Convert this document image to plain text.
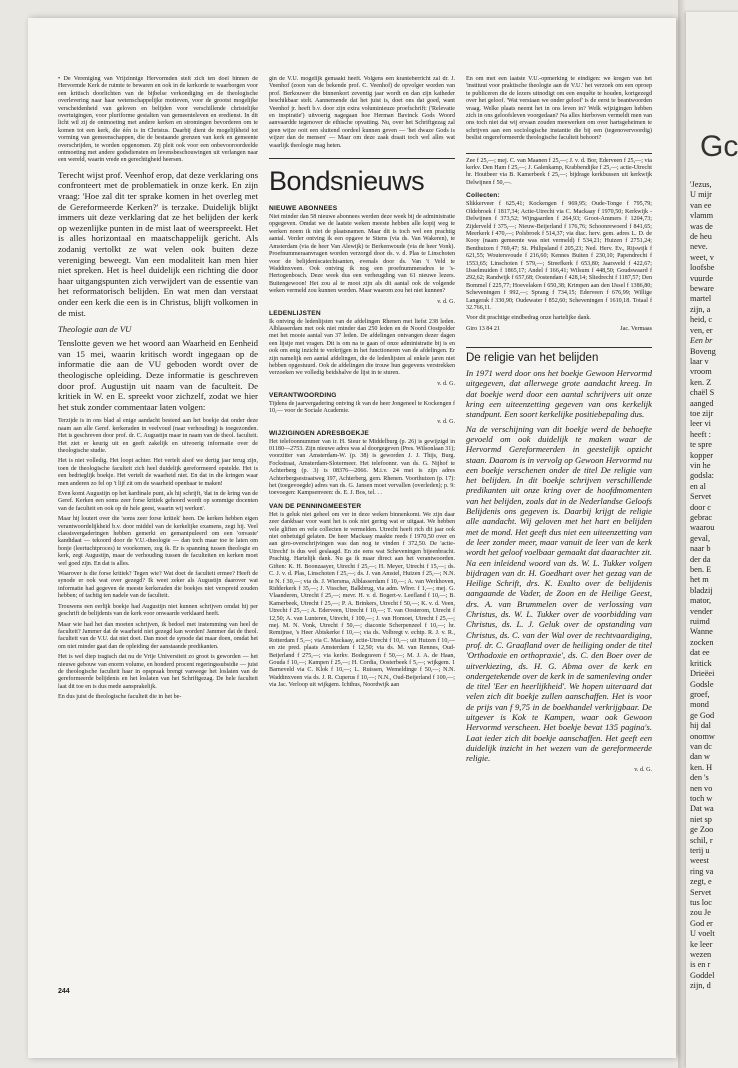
• De Vereniging van Vrijzinnige Hervormden stelt zich ten doel binnen de Hervormde Kerk de ruimte te bewaren en ook in de kerkorde te waarborgen voor een kritisch doorlichten van de bijbelse verkondiging en de theologische overlevering naar haar wetenschappelijke motieven, voor de grootst mogelijke verscheidenheid van geloven en belijden voor verschillende christelijke overtuigingen, voor pluriforme gestalten van gemeenteleven en eredienst. In dit licht wil zij de ontmoeting met andere kerken en stromingen bevorderen om te komen tot een kerk, die één is in Christus. Daarbij dient de mogelijkheid tot vorming van gemeenschappen, die de bestaande grenzen van kerk en gemeente overschrijden, te worden opgenomen. Zij pleit ook voor een onbevooroordeelde ontmoeting met andere godsdiensten en levensbeschouwingen uit verlangen naar een wereld, waarin vrede en gerechtigheid heersen.

Terecht wijst prof. Veenhof erop, dat deze verklaring ons confronteert met de problematiek in onze kerk. En zijn vraag: 'Hoe zal dit ter sprake komen in het overleg met de Gereformeerde Kerken?' is terzake. Duidelijk blijkt immers uit deze verklaring dat ze het belijden der kerk op wezenlijke punten in de mist laat of weerspreekt. Het is alles horizontaal en maatschappelijk gericht. Als zodanig vertolkt ze wat velen ook buiten deze vereniging beweegt. Van een modaliteit kan men hier niet spreken. Het is heel duidelijk een richting die door haar uitgangspunten zich verwijdert van de essentie van het reformatorisch belijden. En wat men dan verstaat onder een kerk die een is in Christus, blijft volkomen in de mist.

Theologie aan de VU

Tenslotte geven we het woord aan Waarheid en Eenheid van 15 mei, waarin kritisch wordt ingegaan op de informatie die aan de VU geboden wordt over de theologische opleiding. Deze informatie is geschreven door prof. Augustijn uit naam van de faculteit. De kritiek in W. en E. spreekt voor zichzelf, zodat we hier het stuk zonder commentaar laten volgen:

Terzijde is in ons blad al enige aandacht besteed aan het boekje dat onder deze naam aan alle Geref. kerkeraden in veelvoud (naar verhouding) is toegezonden. Het is geschreven door prof. dr. C. Augustijn maar in naam van de theol. faculteit. Het ziet er keurig uit en geeft zakelijk en uitvoerig informatie over de theologische studie.

Het is niet volledig. Het loopt achter. Het vertelt alsof we dertig jaar terug zijn, toen de theologische faculteit zich heel duidelijk gereformeerd opstelde. Het is een bedrieglijk boekje. Het vertelt de waarheid niet. En dat in die kringen waar men anderen zo fel op 't lijf zit om de waarheid openbaar te maken!

Even komt Augustijn op het kardinale punt, als hij schrijft, 'dat in de kring van de Geref. Kerken een soms zeer forse kritiek gehoord wordt op sommige docenten van de faculteit en ook op de hele geest, waarin wij werken'.

Maar hij loutert over die 'soms zeer forse kritiek' heen. De kerken hebben eigen verantwoordelijkheid b.v. door middel van de kerkelijke examens, zegt hij. Veel classisvergaderingen hebben gemerkt en gemanipuleerd om een 'onvaste' kandidaat — tekoord door de V.U.-theologie — dan toch maar toe te laten om bonje (leertuchtproces) te voorkomen, zeg ik. Er is spanning tussen theologie en kerk, zegt Augustijn, maar de verhouding tussen de faculteiten en kerken moet wel goed zijn. En dat is alles.

Waarover is die forse kritiek? Tegen wie? Wat doet de faculteit ermee? Heeft de synode er ook wat over gezegd? Ik weet zeker als Augustijn daarover wat informatie had gegeven de meeste kerkeraden die boekjes niet verspreid zouden hebben; of tachtig ten nadele van de faculteit.

Trouwens een eerlijk boekje had Augustijn niet kunnen schrijven omdat hij per geschrift de belijdenis van de kerk voor onwaarde verklaard heeft.

Maar wie had het dan moeten schrijven, ik bedoel met instemming van heel de faculteit? Jammer dat de waarheid niet gezegd kan worden! Jammer dat de theol. faculteit van de V.U. dat niet doet. Dan moet de synode dat maar doen, omdat het om niet minder gaat dan de opleiding der aanstaande predikanten.

Het is wel diep tragisch dat nu de Vrije Universiteit zo groot is geworden — het nieuwe gebouw van enorm volume, en honderd procent regeringssubsidie — juist de theologische faculteit haar in opspraak brengt vanwege het loslaten van de gereformeerde belijdenis en het loslaten van het Schriftgezag. De hele faculteit laat dit toe en is dus mede aansprakelijk.

En dus juist de theologische faculteit die in het be-

gin de V.U. mogelijk gemaakt heeft. Volgens een kranteberricht zal dr. J. Veenhof (zoon van de bekende prof. C. Veenhof) de opvolger worden van prof. Berkouwer die binnenkort zeventig jaar wordt en dan zijn katheder beschikbaar stelt. Aannemende dat het juist is, doet ons dat goed, want Veenhof jr. heeft b.v. door zijn extra voluminieuze proefschrift: ('Relevatie en inspiratie') uitvoerig nagegaan hoe Herman Bavinck Gods Woord aanvaardde tegenover de ethische opvatting. Nu, over het Schriftgezag zal geen wijze ooit een sluitend oordeel kunnen geven — 'het dwaze Gods is wijzer dan de mensen' — Maar om deze zaak draait toch wel alles wat waarlijk theologie mag heten.

Bondsnieuws
NIEUWE ABONNEES

Niet minder dan 58 nieuwe abonnees werden deze week bij de administratie opgegeven. Omdat we de laatste weken meeste hebben alle kopij weg te werken noem ik niet de plaatsnamen. Maar dit is toch wel een prachtig aantal. Verder ontving ik een opgave te Stiens (via ds. Van Wakeren), te Amsterdam (via de heer Van Alewijk) te Berkenwoude (via de heer Vonk). Proefnummeraanvragen worden verzorgd door ds. v. d. Plas te Linschoten voor de belijdeniscatechisanten, evenals door ds. Van 't Veld te Waddinxveen. Ook ontving ik nog een proefnummeradres te 's-Hertogenbosch. Deze week dus een verheugding van 61 nieuwe lezers. Buitengewoon! Het zou al te mooi zijn als dit aantal ook de volgende weken vermeld zou kunnen worden. Maar waarom zou het niet kunnen?

v. d. G.
LEDENLIJSTEN

Ik ontving de ledenlijsten van de afdelingen Rhenen met liefst 238 leden. Alblasserdam met ook niet minder dan 250 leden en de Noord Oostpolder met het mooie aantal van 37 leden. De afdelingen ontvangen dezer dagen een lijstje met vragen. Dit is om na te gaan of onze administratie bij is en ook om enig inzicht te verkrijgen in het functioneren van de afdelingen. Er zijn namelijk een aantal afdelingen, die de ledenlijsten al enkele jaren niet hebben opgestuurd. Ook de afdelingen die trouw hun gegevens verstrekken verzoeken we volledig beidshalve de lijst in te sturen.

v. d. G.
VERANTWOORDING

Tijdens de jaarvergadering ontving ik van de heer Jongeneel te Kockengen f 10,— voor de Sociale Academie.

v. d. G.
WIJZIGINGEN ADRESBOEKJE

Het telefoonnummer van ir. H. Steur te Middelburg (p. 26) is gewijzigd in 01180—2753. Zijn nieuwe adres was al doorgegeven (Pres. Wilsonlaan 31); voorzitter van Amsterdam-W. (p. 38) is geworden J. J. Thijs, Burg. Fockstraat, Amsterdam-Slotermeer. Het telefoonnr. van ds. G. Nijhof te Achterberg (p. 3) is 08376—2066. M.i.v. 24 mei is zijn adres Achterbergsestraatweg 197, Achterberg, gem. Rhenen. Voorthuizen (p. 17): het (toegevoegde) adres van ds. G. Jansen moet vervallen (overleden); p. 9: toevoegen: Kampsenveen: ds. E. J. Bos, tel. . .

VAN DE PENNINGMEESTER

Het is geluk niet geheel om ver in deze weken binnenkomt. We zijn daar zeer dankbaar voor want het is ook niet gering wat er uitgaat. We hebben vele gliften en vele collecten te vermelden. Utrecht heeft rich dit jaar ook niet onbetuigd gelaten. De heer Mackaay maakte reeds f 1970,50 over en aan giro-overschrijvingen was dan nog te vinden f 372,50. De 'actie-Utrecht' is dus wel geslaagd. En zie eens wat Scheveningen bijeenbracht. Prachtig. Hartelijk dank. Nu ga ik maar direct aan het verantwoorden. Giften: K. H. Boonzaayer, Utrecht f 25,—; H. Meyer, Utrecht f 15,—; ds. C. J. v. d. Plas, Linschoten f 25,—; ds. J. van Amstel, Huizen f 25,—; N.N. te N. f 30,—; via ds. J. Wiersma, Alblasserdam f 10,—; A. van Werkhoven, Ridderkerk f 35,—; J. Visscher, Balkbrug, via adm. Whvr. f 1,—; mej. G. Vlaanderen, Utrecht f 25,—; mevr. H. v. d. Bogert-v. Leefland f 10,—; B. Kamerbeek, Utrecht f 25,—; P. A. Brinkers, Utrecht f 50,—; K. v. d. Veen, Utrecht f 25,—; A. Ederveen, Utrecht f 10,—; T. van Oosterom, Utrecht f 12,50; A. van Lunteren, Utrecht, f 100,—; J. van Homoet, Utrecht f 25,—; mej. M. N. Vonk, Utrecht f 50,—; diaconie Scherpenzeel f 10,—; hr. Remijnse, 's Heer Abtskerke f 10,—; via ds. Volbregt v. echtp. R. J. v. R., Rotterdam f 5,—; via C. Mackaay, actie-Utrecht f 10,—; uit Huizen f 10,— en zie pred. plaats Amsterdam f 12,50; via ds. M. van Rennes, Oud-Beijerland f 275,—; via kerkv. Bodegraven f 50,—; M. J. A. de Haan, Gouda f 10,—; Kampen f 25,—; H. Cordia, Oosterbeek f 5,—; wijkgem. 1 Barneveld via C. Klok f 10,—; L. Ruissen, Wemeldinge f 50,—; N.N. Waddinxveen via ds. J. R. Cuperus f 10,—; N.N., Oud-Beijerland f 100,—; via Jac. Verloop uit wijkgem. Ichthus, Noordwijk aan

En om met een laatste V.U.-opmerking te eindigen: we kregen van het 'instituut voor praktische theologie aan de V.U.' het verzoek om een oproep te publiceren die de lezers uitnodigt om een enquête te houden, kortgezegd over het geloof. 'Wat verstaan we onder geloof' is de eerst te beantwoorden vraag. Welke plaats neemt het in ons leven in? Welk wijzigingen hebben zich in ons geloofsleven voorgedaan? Na alles hierboven vermeldt men van ons toch niet dat wij ervaan zouden meewerken om over hartsgeheimen te schrijven aan een sociologische instantie die bij een (tegenovervoordig) beslist ongereformeerde theologische faculteit behoort?

Zee f 25,—; mej. C. van Maanen f 25,—; J. v. d. Bor, Ederveen f 25,—; via kerkv. Den Ham f 25,—; J. Galenkamp, Krabbendijke f 25,—; actie-Utrecht hr. Houtbeer via B. Kamerbeek f 25,—; bijdrage kerkbussen uit kerkwijk Delwijnen f 50,—.

Collecten:

Slikkerveer f 625,41; Kockengen f 969,95; Oude-Tonge f 795,79; Oldebroek f 1817,34; Actie-Utrecht via C. Mackaay f 1970,50; Kerkwijk - Delwijnen f 373,52; Wijngaarden f 264,93; Groot-Ammers f 1204,73; Zijderveld f 375,—; Nieuw-Beijerland f 176,76; Schoonrewoerd f 841,65; Meerkerk f 470,—; Polsbroek f 514,37; via diac. herv. gem. adres L. D. de Kooy (naam gemeente was niet vermeld) f 534,21; Huizen f 2751,24; Benthuizen f 769,47; St. Philipsland f 205,23; Ned. Herv. Ev., Rijswijk f 621,55; Woutersvoude f 216,60; Kennes Buiten f 230,10; Papendrecht f 1553,65; Linschoten f 579,—; Streefkerk f 653,80; Jaarsveld f 422,67; IJsselmuiden f 1865,17; Andel f 166,41; Wilsum f 448,50; Goudswaard f 292,62; Randwijk f 657,68; Oostendam f 428,14; Sliedrecht f 1187,57; Den Bommel f 225,77; Hoevelaken f 650,38; Krimpen aan den IJssel f 1386,80; Scheveningen f 992,—; Sprang f 734,15; Ederveen f 676,99; Willige Langerak f 330,90; Oudewater f 852,60; Scheveningen f 1610,18. Totaal f 32.766,11.

Voor dit prachtige eindbedrag onze hartelijke dank.

Giro 13 84 21	Jac. Vermaas
De religie van het belijden

In 1971 werd door ons het boekje Gewoon Hervormd uitgegeven, dat allerwege grote aandacht kreeg. In dat boekje werd door een aantal schrijvers uit onze kring een uiteenzetting gegeven van ons kerkelijk standpunt. Een soort kerkelijke positiebepaling dus.

Na de verschijning van dit boekje werd de behoefte gevoeld om ook duidelijk te maken waar de Hervormd Gereformeerden in geestelijk opzicht staan. Daarom is in vervolg op Gewoon Hervormd nu een boekje verschenen onder de titel De religie van het belijden. In dit boekje schrijven verschillende predikanten uit onze kring over de hoofdmomenten van het belijden, zoals dat in de Nederlandse Geloofs Belijdenis ons gegeven is. Daarbij krijgt de religie alle aandacht. Wij geloven met het hart en belijden met de mond. Het geeft dus niet een uiteenzetting van de leer zonder meer, maar vanuit de leer van de kerk wordt het geloof voelbaar gemaakt dat daarachter zit. Na een inleidend woord van ds. W. L. Tukker volgen bijdragen van dr. H. Goedhart over het gezag van de Heilige Schrift, drs. K. Exalto over de belijdenis aangaande de Vader, de Zoon en de Heilige Geest, drs. A. van Brummelen over de verlossing van Christus, ds. W. L. Tukker over de voorbidding van Christus, ds. L. J. Geluk over de opstanding van Christus, ds. C. van der Wal over de rechtvaardiging, prof. dr. C. Graafland over de heiliging onder de titel 'Orthodoxie en orthopraxie', ds. C. den Boer over de uitverkiezing, ds. H. G. Abma over de kerk en ondergetekende over de kerk in de samenleving onder de titel 'Eer en heerlijkheid'. We hopen uiteraard dat velen zich dit boekje zullen aanschaffen. Het is voor de prijs van f 9,75 in de boekhandel verkrijgbaar. De uitgever is Kok te Kampen, waar ook Gewoon Hervormd verscheen. Het boekje bevat 135 pagina's. Laat ieder zich dit boekje aanschaffen. Het geeft een duidelijk inzicht in het wezen van de gereformeerde religie.

v. d. G.
244
Gc
'Jezus,
U mijr
van ee
vlamm
was de
de heu
neve.
weet, v
loofsbe
vuurde
beware
martel
zijn, a
heid, c
ven, er
Een br
Boveng
laar v
vroom
ken. Z
chaël S
aanged
toe zijr
leer vi
heeft :
te spre
kopper
vin he
godsla:
en al
Servet
door c
gebrac
waarou
geval,
naar b
der da
ben. E
het m
bladzij
mator,
vender
ruimd
Wanne
zocken
dat ee
kritick
Drieëei
Godsle
groef,
mond
ge God
hij dal
onomw
van dc
dan w
ken. H
den 's
nen vo
toch w
Dat wa
niet sp
ge Zoo
schil, r
terij u
weest
ring va
zegt, e
Servet
tus loc
zou Je
God er
U voelt
ke leer
wezen
is en r
Goddel
zijn, d
